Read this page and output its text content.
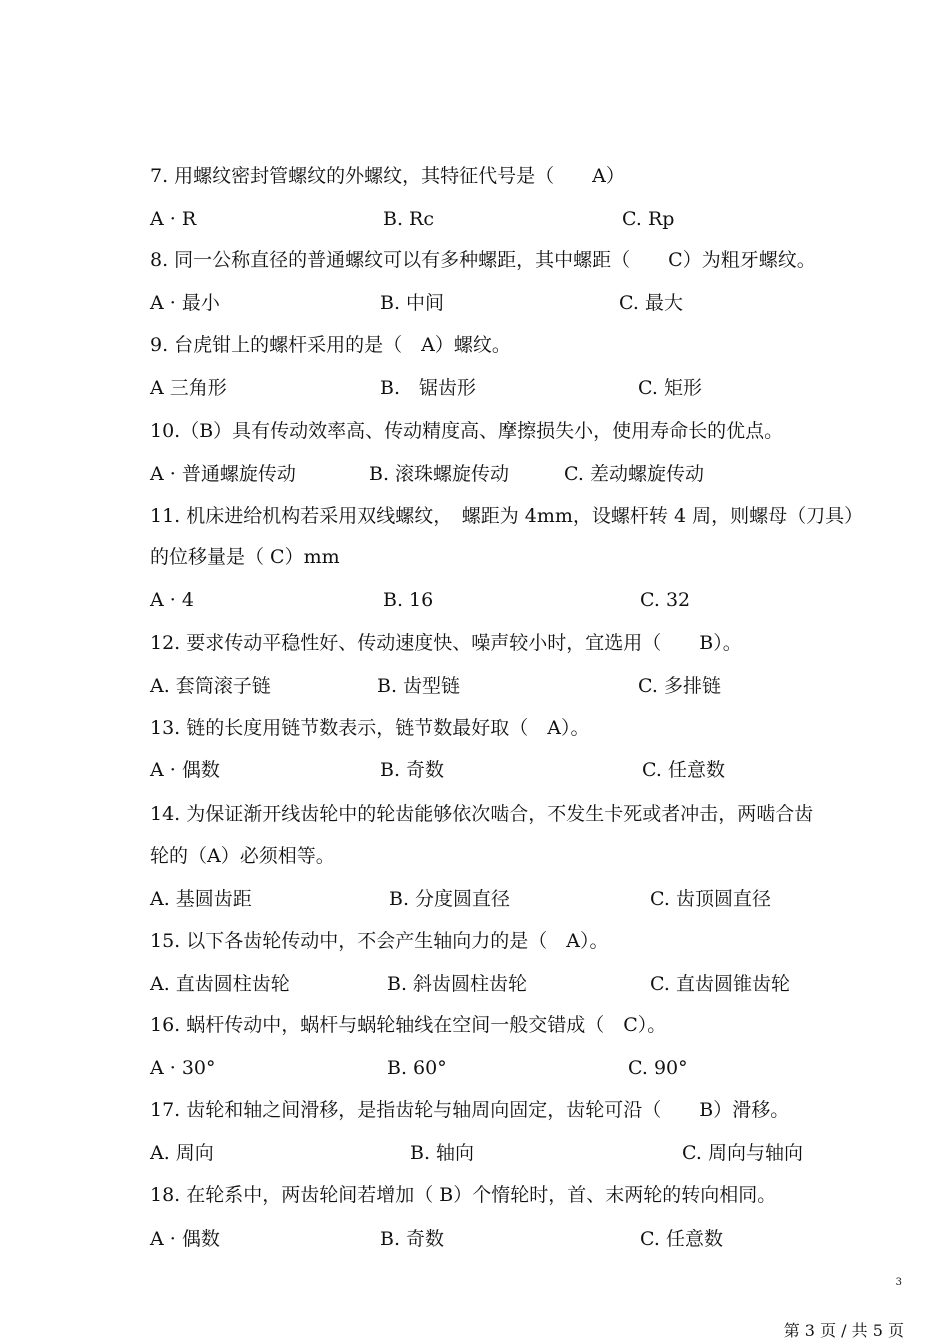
7. 用螺纹密封管螺纹的外螺纹，其特征代号是（　　A）
A · R	B. Rc	C. Rp
8. 同一公称直径的普通螺纹可以有多种螺距，其中螺距（　　C）为粗牙螺纹。
A · 最小	B. 中间	C. 最大
9. 台虎钳上的螺杆采用的是（　A）螺纹。
A 三角形	B.　锯齿形	C. 矩形
10.（B）具有传动效率高、传动精度高、摩擦损失小，使用寿命长的优点。
A · 普通螺旋传动	B. 滚珠螺旋传动	C. 差动螺旋传动
11. 机床进给机构若采用双线螺纹，　螺距为 4mm，设螺杆转 4 周，则螺母（刀具）
的位移量是（ C）mm
A · 4	B. 16	C. 32
12. 要求传动平稳性好、传动速度快、噪声较小时，宜选用（　　B）。
A. 套筒滚子链	B. 齿型链	C. 多排链
13. 链的长度用链节数表示，链节数最好取（　A）。
A · 偶数	B. 奇数	C. 任意数
14. 为保证渐开线齿轮中的轮齿能够依次啮合，不发生卡死或者冲击，两啮合齿
轮的（A）必须相等。
A. 基圆齿距	B. 分度圆直径	C. 齿顶圆直径
15. 以下各齿轮传动中，不会产生轴向力的是（　A）。
A. 直齿圆柱齿轮	B. 斜齿圆柱齿轮	C. 直齿圆锥齿轮
16. 蜗杆传动中，蜗杆与蜗轮轴线在空间一般交错成（　C）。
A · 30°	B. 60°	C. 90°
17. 齿轮和轴之间滑移，是指齿轮与轴周向固定，齿轮可沿（　　B）滑移。
A. 周向	B. 轴向	C. 周向与轴向
18. 在轮系中，两齿轮间若增加（ B）个惰轮时，首、末两轮的转向相同。
A · 偶数	B. 奇数	C. 任意数
3
第 3 页 / 共 5 页
